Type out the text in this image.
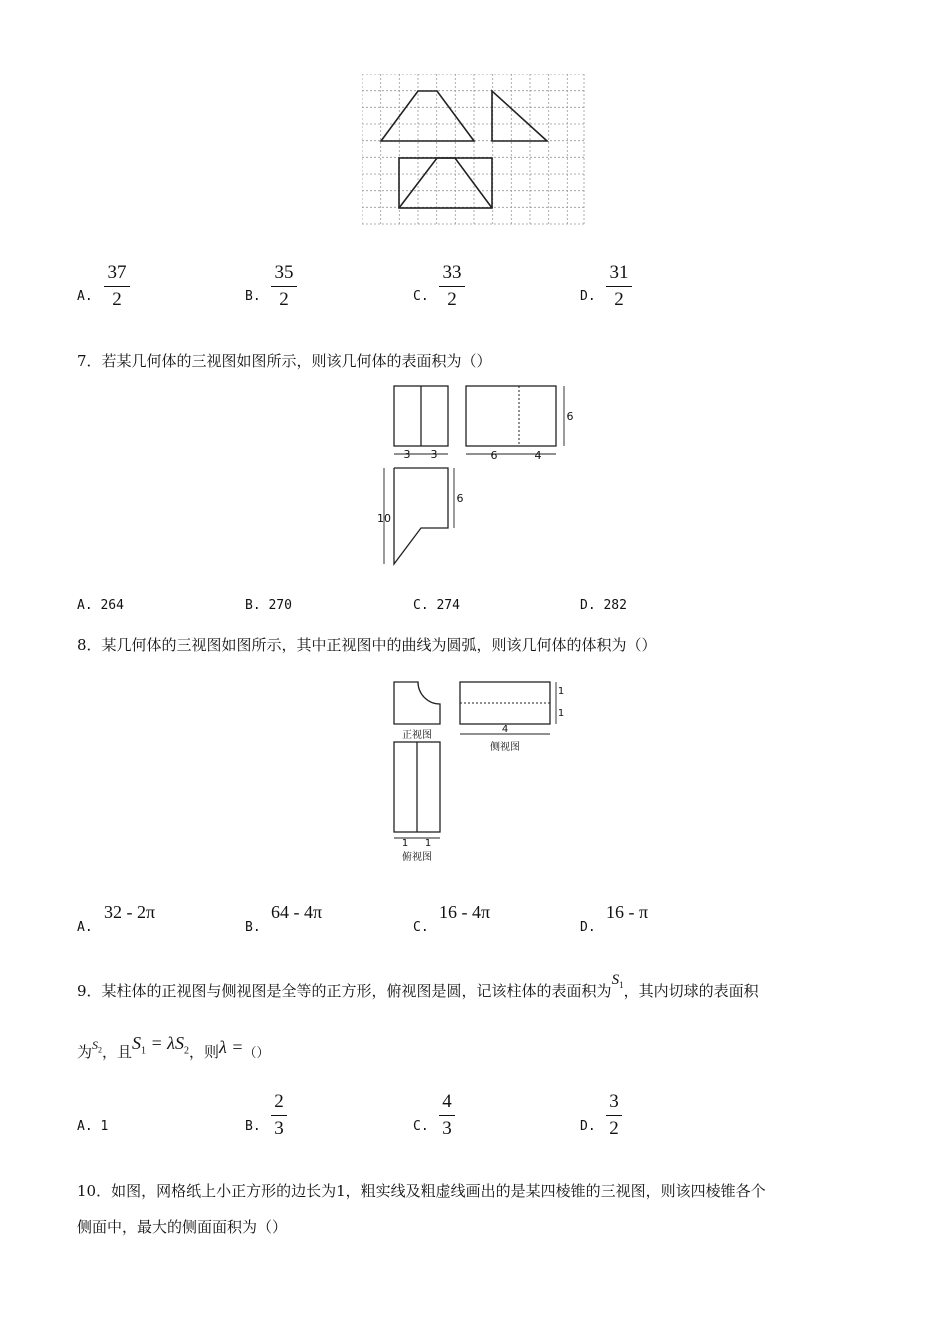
A.
37
2	B.
35
2	C.
33
2	D.
31
2
7．若某几何体的三视图如图所示，则该几何体的表面积为（）
3 3	6	4
6
6
10
A. 264	B. 270	C. 274	D. 282
8．某几何体的三视图如图所示，其中正视图中的曲线为圆弧，则该几何体的体积为（）
正视图
4
侧视图
1
1
1 1
俯视图
A.
32 - 2π
B.
64 - 4π
C.
16 - 4π
D.
16 - π
9．某柱体的正视图与侧视图是全等的正方形，俯视图是圆，记该柱体的表面积为$S_1$，其内切球的表面积
为$^{S_2}$，且$S_1 = \lambda S_2$，则λ =（）
A. 1	B.
2
3	C.
4
3	D.
3
2
10．如图，网格纸上小正方形的边长为1，粗实线及粗虚线画出的是某四棱锥的三视图，则该四棱锥各个
侧面中，最大的侧面面积为（）
